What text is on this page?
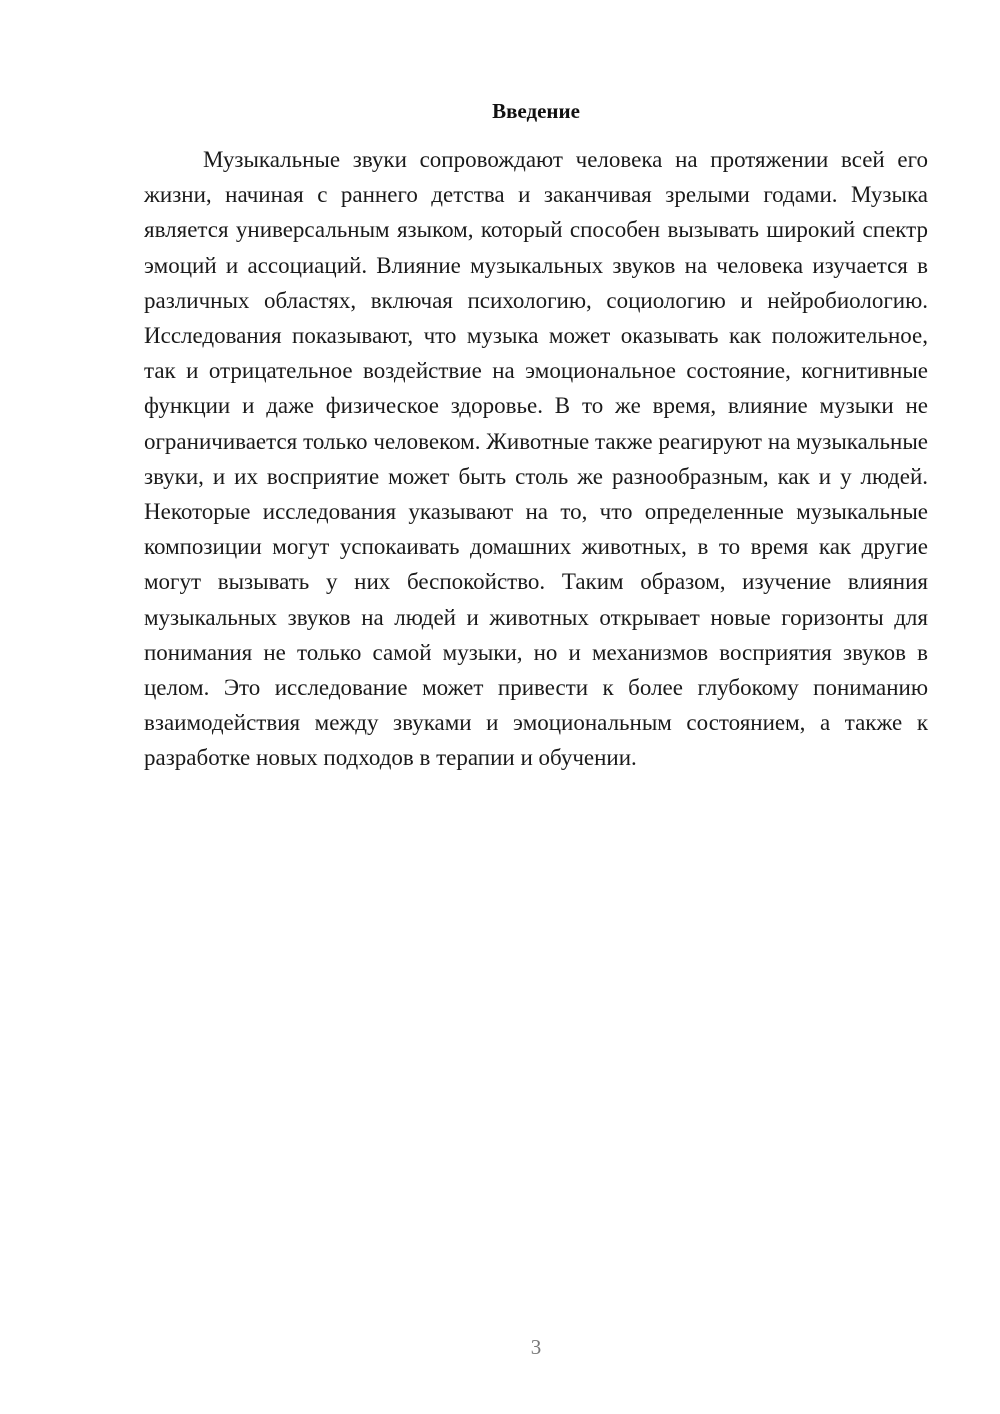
Введение

Музыкальные звуки сопровождают человека на протяжении всей его жизни, начиная с раннего детства и заканчивая зрелыми годами. Музыка является универсальным языком, который способен вызывать широкий спектр эмоций и ассоциаций. Влияние музыкальных звуков на человека изучается в различных областях, включая психологию, социологию и нейробиологию. Исследования показывают, что музыка может оказывать как положительное, так и отрицательное воздействие на эмоциональное состояние, когнитивные функции и даже физическое здоровье. В то же время, влияние музыки не ограничивается только человеком. Животные также реагируют на музыкальные звуки, и их восприятие может быть столь же разнообразным, как и у людей. Некоторые исследования указывают на то, что определенные музыкальные композиции могут успокаивать домашних животных, в то время как другие могут вызывать у них беспокойство. Таким образом, изучение влияния музыкальных звуков на людей и животных открывает новые горизонты для понимания не только самой музыки, но и механизмов восприятия звуков в целом. Это исследование может привести к более глубокому пониманию взаимодействия между звуками и эмоциональным состоянием, а также к разработке новых подходов в терапии и обучении.

3
